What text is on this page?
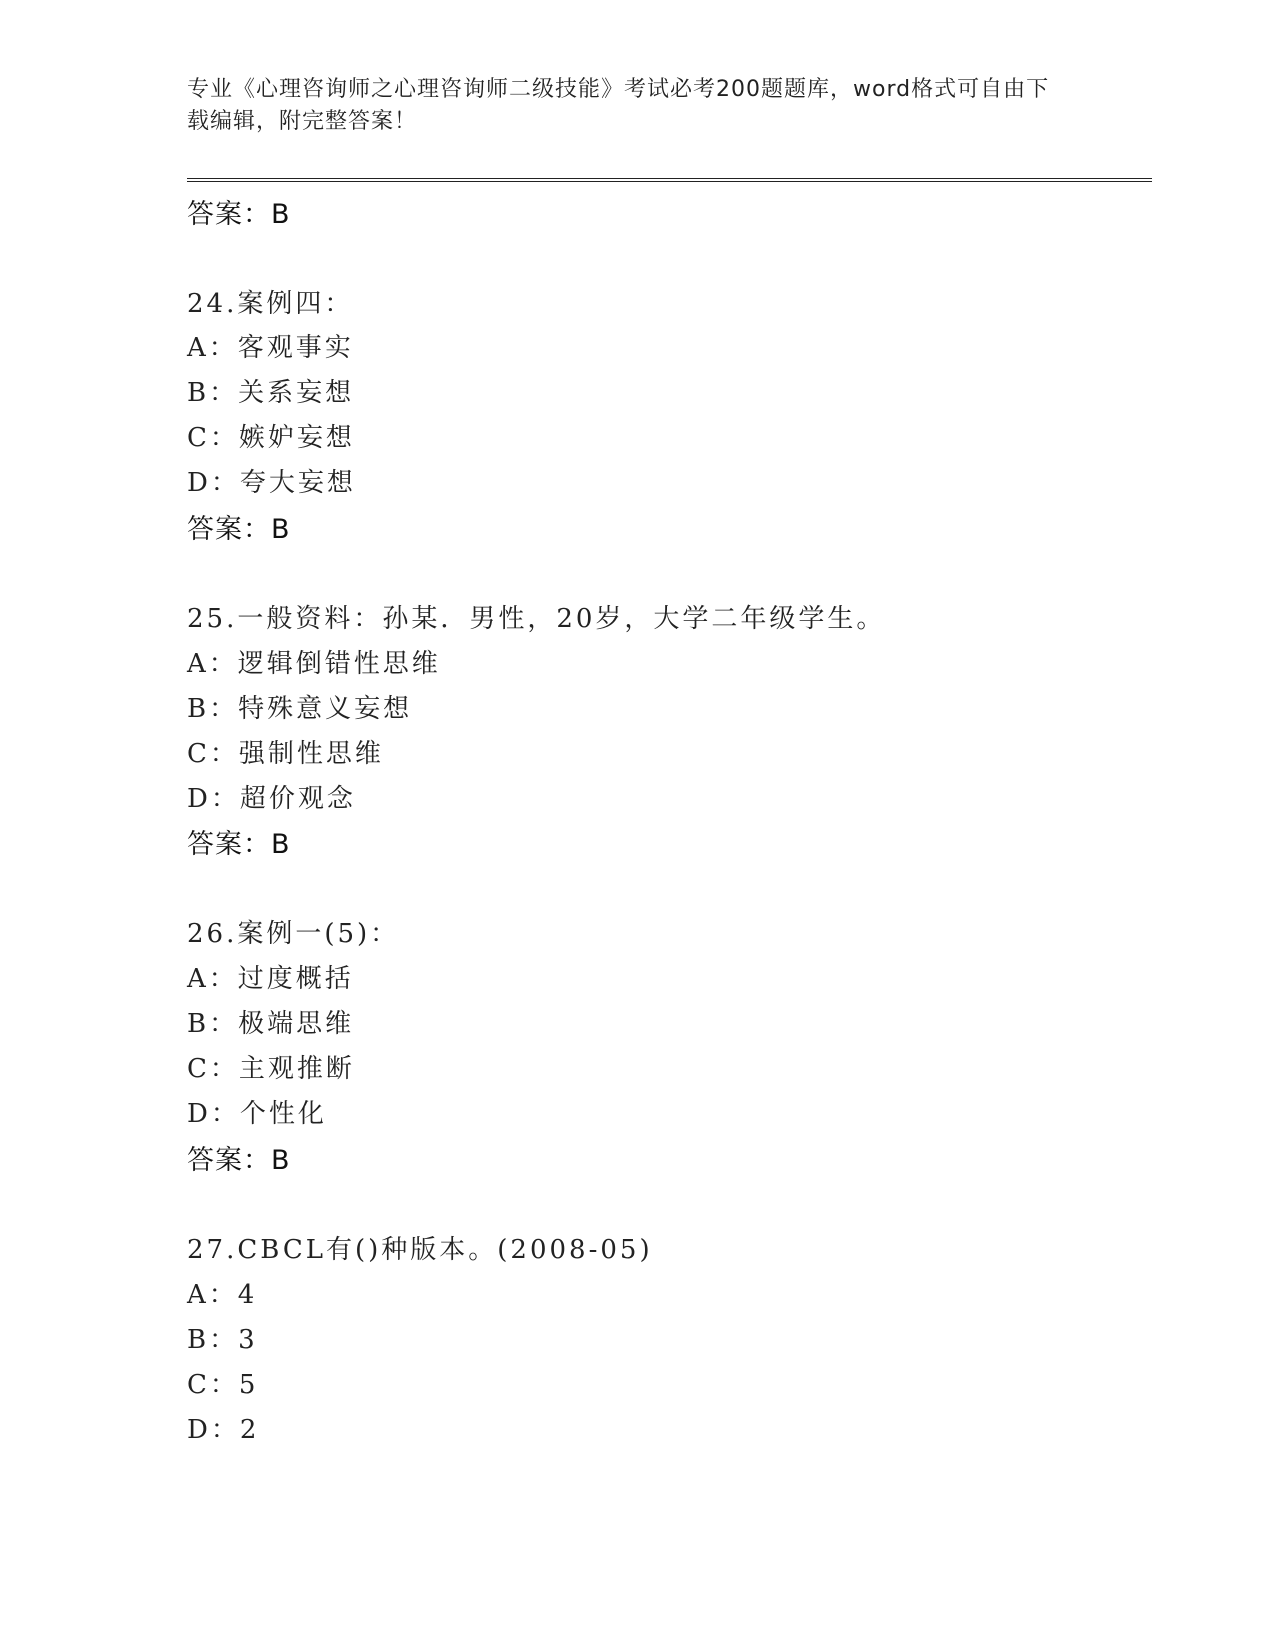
专业《心理咨询师之心理咨询师二级技能》考试必考200题题库，word格式可自由下载编辑，附完整答案！
答案：B
24.案例四：
A：客观事实
B：关系妄想
C：嫉妒妄想
D：夸大妄想
答案：B
25.一般资料：孙某．男性，20岁，大学二年级学生。
A：逻辑倒错性思维
B：特殊意义妄想
C：强制性思维
D：超价观念
答案：B
26.案例一(5)：
A：过度概括
B：极端思维
C：主观推断
D：个性化
答案：B
27.CBCL有()种版本。(2008-05)
A：4
B：3
C：5
D：2
